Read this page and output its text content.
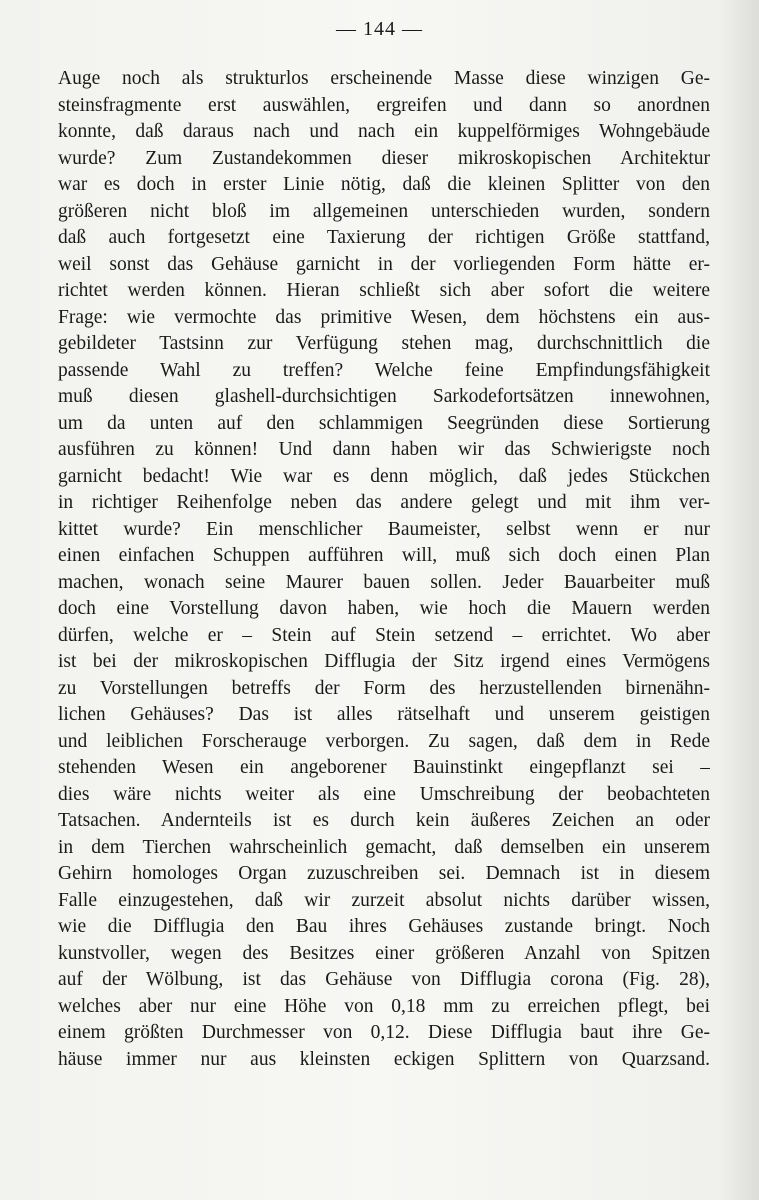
— 144 —
Auge noch als strukturlos erscheinende Masse diese winzigen Ge-
steinsfragmente erst auswählen, ergreifen und dann so anordnen
konnte, daß daraus nach und nach ein kuppelförmiges Wohngebäude
wurde? Zum Zustandekommen dieser mikroskopischen Architektur
war es doch in erster Linie nötig, daß die kleinen Splitter von den
größeren nicht bloß im allgemeinen unterschieden wurden, sondern
daß auch fortgesetzt eine Taxierung der richtigen Größe stattfand,
weil sonst das Gehäuse garnicht in der vorliegenden Form hätte er-
richtet werden können. Hieran schließt sich aber sofort die weitere
Frage: wie vermochte das primitive Wesen, dem höchstens ein aus-
gebildeter Tastsinn zur Verfügung stehen mag, durchschnittlich die
passende Wahl zu treffen? Welche feine Empfindungsfähigkeit
muß diesen glashell-durchsichtigen Sarkodefortsätzen innewohnen,
um da unten auf den schlammigen Seegründen diese Sortierung
ausführen zu können! Und dann haben wir das Schwierigste noch
garnicht bedacht! Wie war es denn möglich, daß jedes Stückchen
in richtiger Reihenfolge neben das andere gelegt und mit ihm ver-
kittet wurde? Ein menschlicher Baumeister, selbst wenn er nur
einen einfachen Schuppen aufführen will, muß sich doch einen Plan
machen, wonach seine Maurer bauen sollen. Jeder Bauarbeiter muß
doch eine Vorstellung davon haben, wie hoch die Mauern werden
dürfen, welche er – Stein auf Stein setzend – errichtet. Wo aber
ist bei der mikroskopischen Difflugia der Sitz irgend eines Vermögens
zu Vorstellungen betreffs der Form des herzustellenden birnenähn-
lichen Gehäuses? Das ist alles rätselhaft und unserem geistigen
und leiblichen Forscherauge verborgen. Zu sagen, daß dem in Rede
stehenden Wesen ein angeborener Bauinstinkt eingepflanzt sei –
dies wäre nichts weiter als eine Umschreibung der beobachteten
Tatsachen. Andernteils ist es durch kein äußeres Zeichen an oder
in dem Tierchen wahrscheinlich gemacht, daß demselben ein unserem
Gehirn homologes Organ zuzuschreiben sei. Demnach ist in diesem
Falle einzugestehen, daß wir zurzeit absolut nichts darüber wissen,
wie die Difflugia den Bau ihres Gehäuses zustande bringt. Noch
kunstvoller, wegen des Besitzes einer größeren Anzahl von Spitzen
auf der Wölbung, ist das Gehäuse von Difflugia corona (Fig. 28),
welches aber nur eine Höhe von 0,18 mm zu erreichen pflegt, bei
einem größten Durchmesser von 0,12. Diese Difflugia baut ihre Ge-
häuse immer nur aus kleinsten eckigen Splittern von Quarzsand.
